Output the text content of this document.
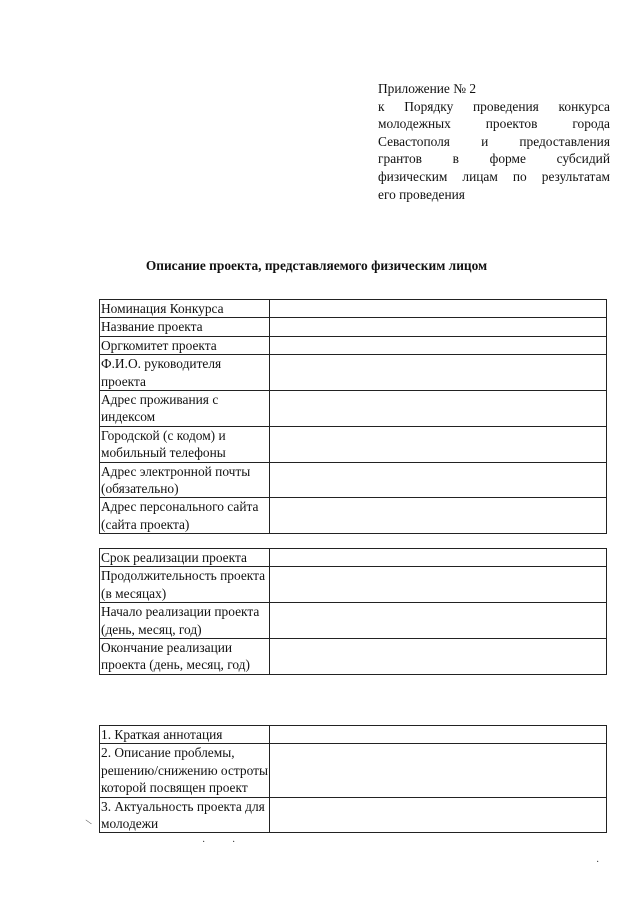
Приложение № 2
к Порядку проведения конкурса
молодежных проектов города
Севастополя и предоставления
грантов в форме субсидий
физическим лицам по результатам
его проведения
Описание проекта, представляемого физическим лицом
Номинация Конкурса	
Название проекта	
Оргкомитет проекта	
Ф.И.О. руководителя проекта	
Адрес проживания с индексом	
Городской (с кодом) и мобильный телефоны	
Адрес электронной почты (обязательно)	
Адрес персонального сайта (сайта проекта)	
Срок реализации проекта	
Продолжительность проекта (в месяцах)	
Начало реализации проекта (день, месяц, год)	
Окончание реализации проекта (день, месяц, год)	
1. Краткая аннотация	
2. Описание проблемы, решению/снижению остроты которой посвящен проект	
3. Актуальность проекта для молодежи	
\
·	·
·
